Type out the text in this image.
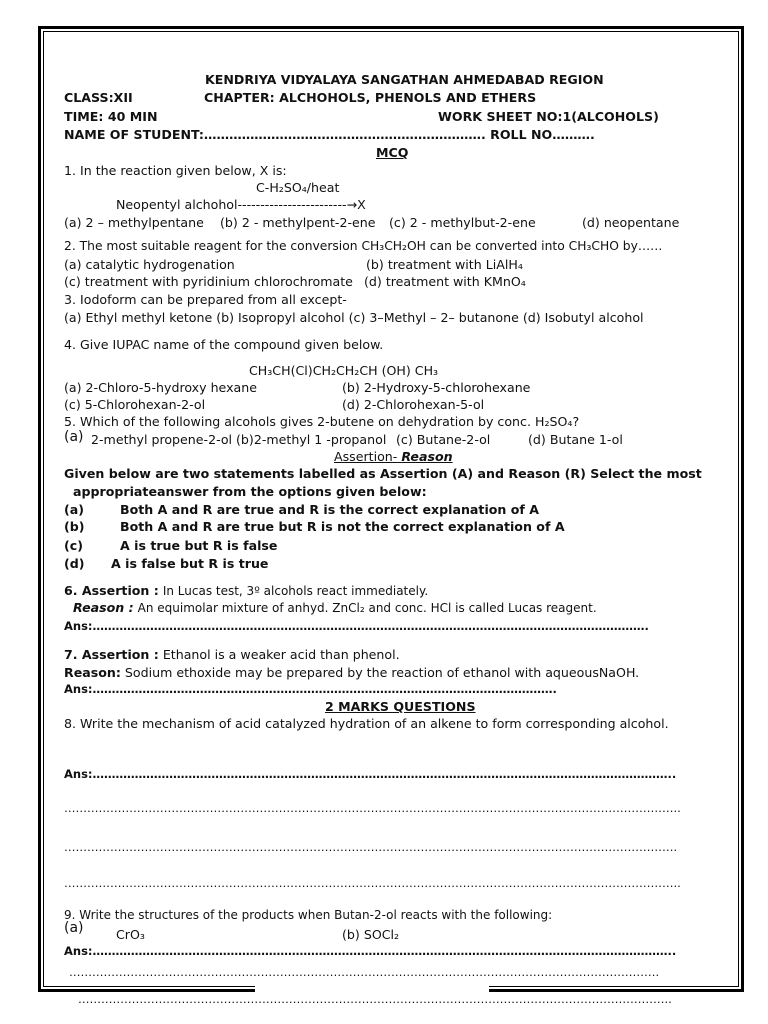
KENDRIYA VIDYALAYA SANGATHAN AHMEDABAD REGION
CLASS:XII	CHAPTER: ALCHOHOLS, PHENOLS AND ETHERS
TIME: 40 MIN	WORK SHEET NO:1(ALCOHOLS)
NAME OF STUDENT:…………………………………………………………. ROLL NO……….
MCQ
1. In the reaction given below, X is:
C-H₂SO₄/heat
Neopentyl alchohol------------------------→X
(a) 2 – methylpentane (b) 2 - methylpent-2-ene (c) 2 - methylbut-2-ene	(d) neopentane
2. The most suitable reagent for the conversion CH₃CH₂OH can be converted into CH₃CHO by……
(a) catalytic hydrogenation	(b) treatment with LiAlH₄
(c) treatment with pyridinium chlorochromate (d) treatment with KMnO₄
3. Iodoform can be prepared from all except-
(a) Ethyl methyl ketone (b) Isopropyl alcohol (c) 3–Methyl – 2– butanone (d) Isobutyl alcohol
4. Give IUPAC name of the compound given below.
CH₃CH(Cl)CH₂CH₂CH (OH) CH₃
(a) 2-Chloro-5-hydroxy hexane	(b) 2-Hydroxy-5-chlorohexane
(c) 5-Chlorohexan-2-ol	(d) 2-Chlorohexan-5-ol
5. Which of the following alcohols gives 2-butene on dehydration by conc. H₂SO₄?
(a) 2-methyl propene-2-ol (b)2-methyl 1 -propanol (c) Butane-2-ol	(d) Butane 1-ol
Assertion- Reason
Given below are two statements labelled as Assertion (A) and Reason (R) Select the most
appropriateanswer from the options given below:
(a)	Both A and R are true and R is the correct explanation of A
(b)	Both A and R are true but R is not the correct explanation of A
(c)	A is true but R is false
(d) A is false but R is true
6. Assertion : In Lucas test, 3º alcohols react immediately.
Reason : An equimolar mixture of anhyd. ZnCl₂ and conc. HCl is called Lucas reagent.
Ans:……………………………………………………………………………………………………………………………….
7. Assertion : Ethanol is a weaker acid than phenol.
Reason: Sodium ethoxide may be prepared by the reaction of ethanol with aqueousNaOH.
Ans:………………………………………………………………………………………………………….
2 MARKS QUESTIONS
8. Write the mechanism of acid catalyzed hydration of an alkene to form corresponding alcohol.
Ans:……………………………………………………………………………………………………………………………………..
……………………………………………………………………………………………………………………………………………..
…………………………………………………………………………………………………………………………………………….
……………………………………………………………………………………………………………………………………………..
9. Write the structures of the products when Butan-2-ol reacts with the following:
(a)	CrO₃	(b) SOCl₂
Ans:……………………………………………………………………………………………………………………………………..
……………………………………………………………………………………………………………………………………….
………………………………………………………………………………………………………………………………………..
